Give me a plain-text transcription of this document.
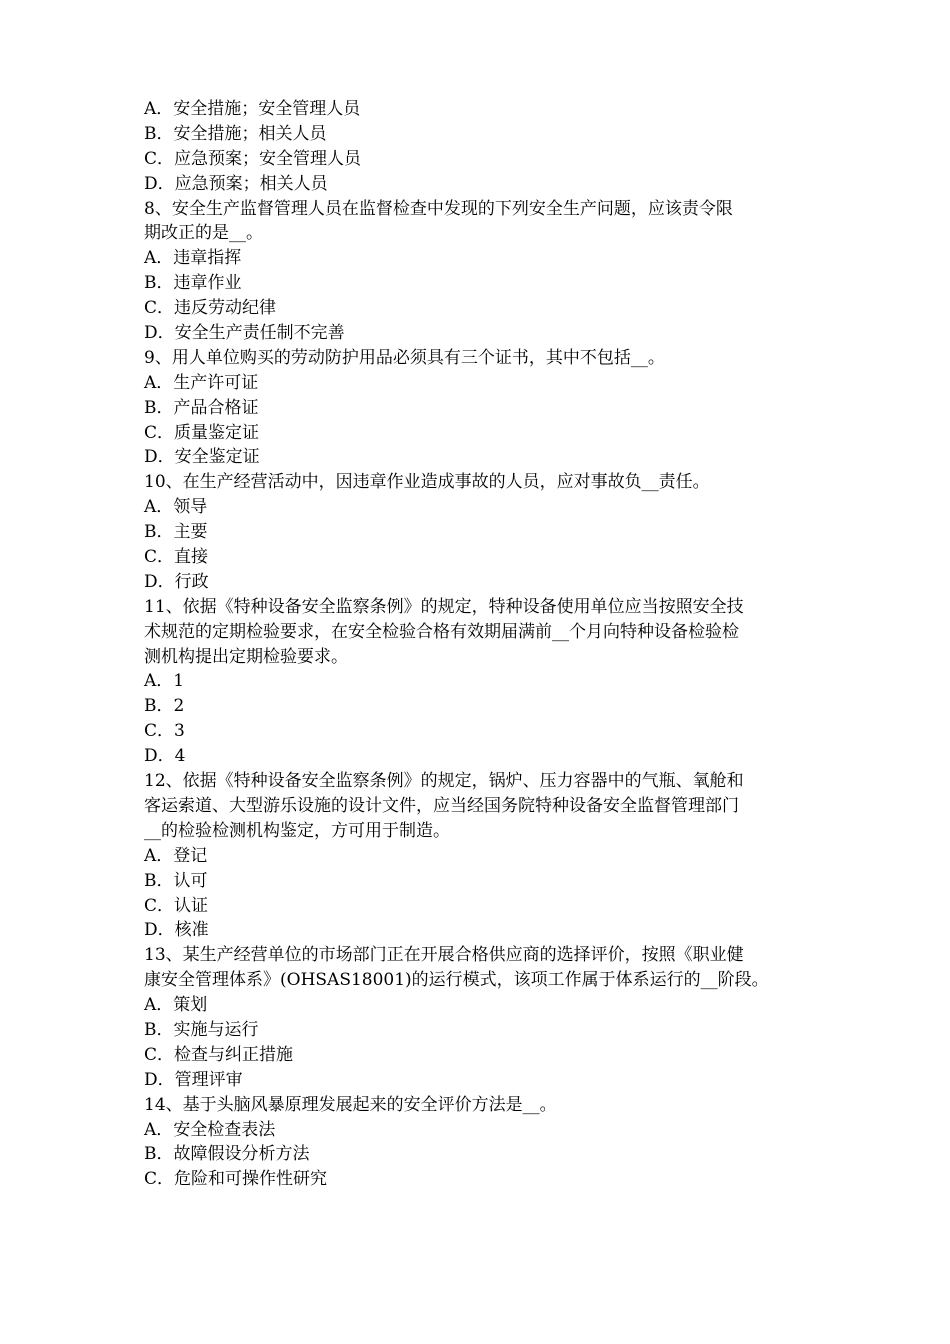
A．安全措施；安全管理人员
B．安全措施；相关人员
C．应急预案；安全管理人员
D．应急预案；相关人员
8、安全生产监督管理人员在监督检查中发现的下列安全生产问题，应该责令限
期改正的是__。
A．违章指挥
B．违章作业
C．违反劳动纪律
D．安全生产责任制不完善
9、用人单位购买的劳动防护用品必须具有三个证书，其中不包括__。
A．生产许可证
B．产品合格证
C．质量鉴定证
D．安全鉴定证
10、在生产经营活动中，因违章作业造成事故的人员，应对事故负__责任。
A．领导
B．主要
C．直接
D．行政
11、依据《特种设备安全监察条例》的规定，特种设备使用单位应当按照安全技
术规范的定期检验要求，在安全检验合格有效期届满前__个月向特种设备检验检
测机构提出定期检验要求。
A．1
B．2
C．3
D．4
12、依据《特种设备安全监察条例》的规定，锅炉、压力容器中的气瓶、氧舱和
客运索道、大型游乐设施的设计文件，应当经国务院特种设备安全监督管理部门
__的检验检测机构鉴定，方可用于制造。
A．登记
B．认可
C．认证
D．核准
13、某生产经营单位的市场部门正在开展合格供应商的选择评价，按照《职业健
康安全管理体系》(OHSAS18001)的运行模式，该项工作属于体系运行的__阶段。
A．策划
B．实施与运行
C．检查与纠正措施
D．管理评审
14、基于头脑风暴原理发展起来的安全评价方法是__。
A．安全检查表法
B．故障假设分析方法
C．危险和可操作性研究
